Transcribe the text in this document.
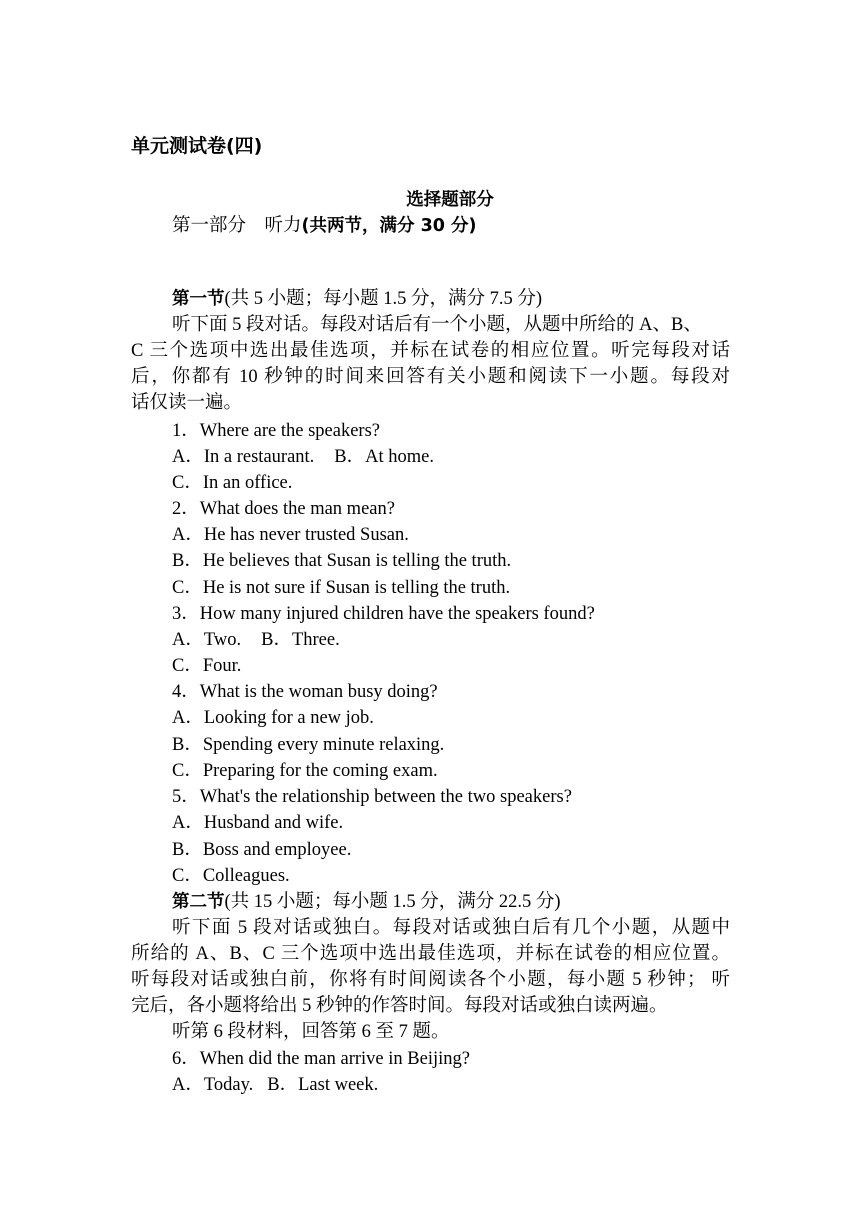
单元测试卷(四)
选择题部分
第一部分　听力(共两节，满分 30 分)
第一节(共 5 小题；每小题 1.5 分，满分 7.5 分)
听下面 5 段对话。每段对话后有一个小题，从题中所给的 A、B、
C 三个选项中选出最佳选项，并标在试卷的相应位置。听完每段对话
后，你都有 10 秒钟的时间来回答有关小题和阅读下一小题。每段对
话仅读一遍。
1．Where are the speakers?
A．In a restaurant. B．At home.
C．In an office.
2．What does the man mean?
A．He has never trusted Susan.
B．He believes that Susan is telling the truth.
C．He is not sure if Susan is telling the truth.
3．How many injured children have the speakers found?
A．Two. B．Three.
C．Four.
4．What is the woman busy doing?
A．Looking for a new job.
B．Spending every minute relaxing.
C．Preparing for the coming exam.
5．What's the relationship between the two speakers?
A．Husband and wife.
B．Boss and employee.
C．Colleagues.
第二节(共 15 小题；每小题 1.5 分，满分 22.5 分)
听下面 5 段对话或独白。每段对话或独白后有几个小题，从题中
所给的 A、B、C 三个选项中选出最佳选项，并标在试卷的相应位置。
听每段对话或独白前，你将有时间阅读各个小题，每小题 5 秒钟； 听
完后，各小题将给出 5 秒钟的作答时间。每段对话或独白读两遍。
听第 6 段材料，回答第 6 至 7 题。
6．When did the man arrive in Beijing?
A．Today. B．Last week.
